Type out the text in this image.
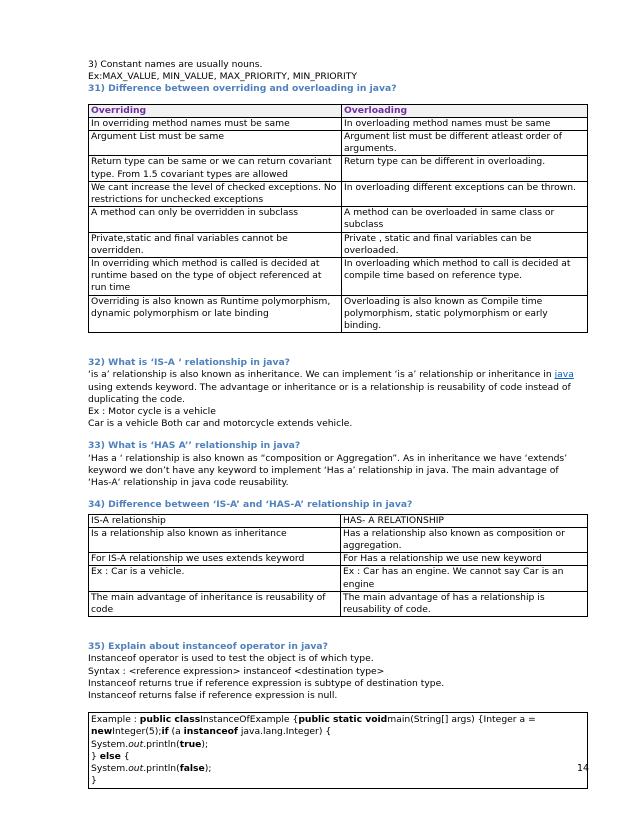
3) Constant names are usually nouns.
Ex:MAX_VALUE, MIN_VALUE, MAX_PRIORITY, MIN_PRIORITY
31) Difference between overriding and overloading in java?
Overriding	Overloading
In overriding method names must be same	In overloading method names must be same
Argument List must be same	Argument list must be different atleast order of arguments.
Return type can be same or we can return covariant type. From 1.5 covariant types are allowed	Return type can be different in overloading.
We cant increase the level of checked exceptions. No restrictions for unchecked exceptions	In overloading different exceptions can be thrown.
A method can only be overridden in subclass	A method can be overloaded in same class or subclass
Private,static and final variables cannot be overridden.	Private , static and final variables can be overloaded.
In overriding which method is called is decided at runtime based on the type of object referenced at run time	In overloading which method to call is decided at compile time based on reference type.
Overriding is also known as Runtime polymorphism, dynamic polymorphism or late binding	Overloading is also known as Compile time polymorphism, static polymorphism or early binding.
32) What is ‘IS-A ‘ relationship in java?
‘is a’ relationship is also known as inheritance. We can implement ‘is a’ relationship or inheritance in java
using extends keyword. The advantage or inheritance or is a relationship is reusability of code instead of
duplicating the code.
Ex : Motor cycle is a vehicle
Car is a vehicle Both car and motorcycle extends vehicle.
33) What is ‘HAS A’’ relationship in java?
‘Has a ‘ relationship is also known as “composition or Aggregation”. As in inheritance we have ‘extends’
keyword we don’t have any keyword to implement ‘Has a’ relationship in java. The main advantage of
‘Has-A‘ relationship in java code reusability.
34) Difference between ‘IS-A’ and ‘HAS-A’ relationship in java?
IS-A relationship	HAS- A RELATIONSHIP
Is a relationship also known as inheritance	Has a relationship also known as composition or aggregation.
For IS-A relationship we uses extends keyword	For Has a relationship we use new keyword
Ex : Car is a vehicle.	Ex : Car has an engine. We cannot say Car is an engine
The main advantage of inheritance is reusability of code	The main advantage of has a relationship is reusability of code.
35) Explain about instanceof operator in java?
Instanceof operator is used to test the object is of which type.
Syntax : <reference expression> instanceof <destination type>
Instanceof returns true if reference expression is subtype of destination type.
Instanceof returns false if reference expression is null.
Example : public classInstanceOfExample {public static voidmain(String[] args) {Integer a =
newInteger(5);if (a instanceof java.lang.Integer) {
System.out.println(true);
} else {
System.out.println(false);
}
14
